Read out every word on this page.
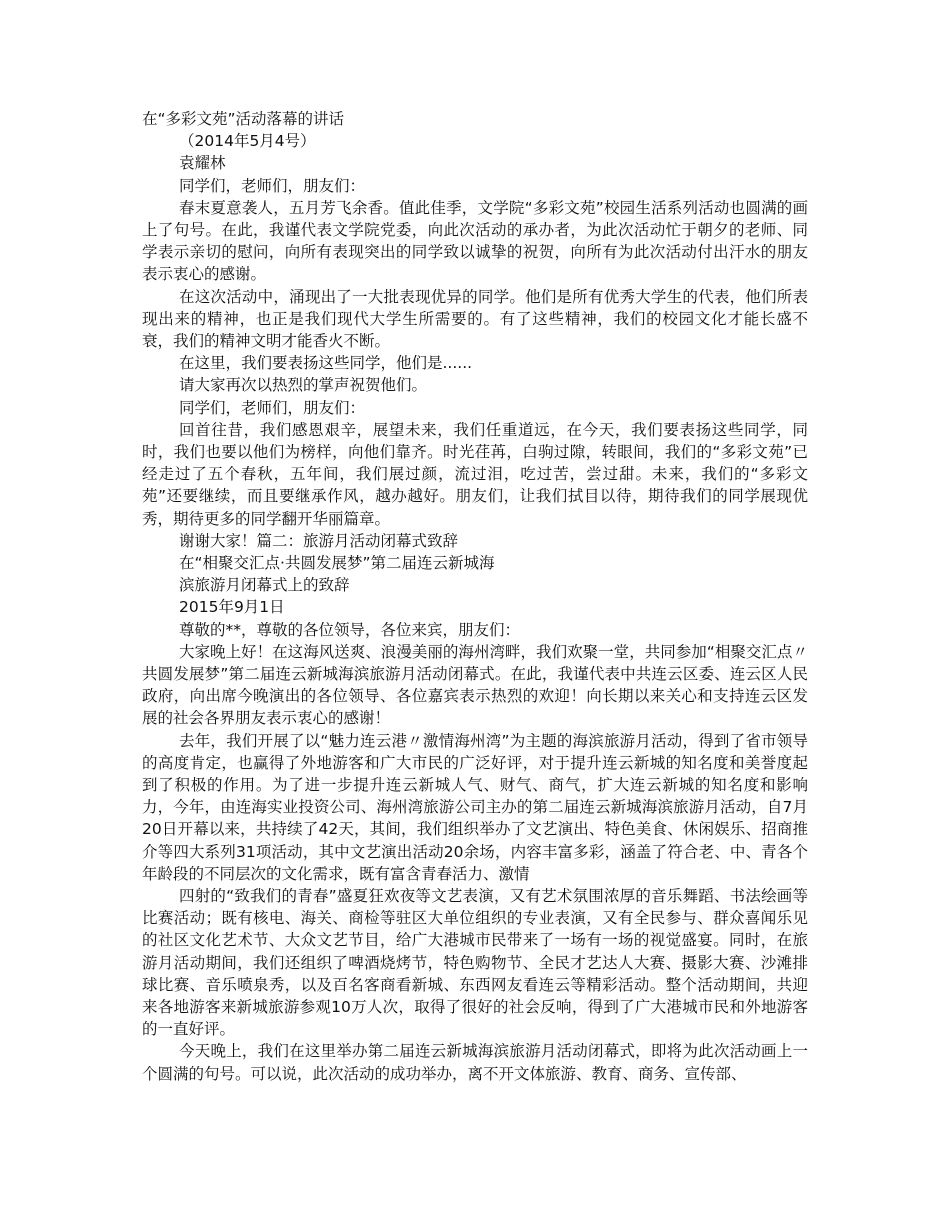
在“多彩文苑”活动落幕的讲话
（2014年5月4号）
袁耀林
同学们，老师们，朋友们：

春末夏意袭人，五月芳飞余香。值此佳季，文学院“多彩文苑”校园生活系列活动也圆满的画上了句号。在此，我谨代表文学院党委，向此次活动的承办者，为此次活动忙于朝夕的老师、同学表示亲切的慰问，向所有表现突出的同学致以诚挚的祝贺，向所有为此次活动付出汗水的朋友表示衷心的感谢。

在这次活动中，涌现出了一大批表现优异的同学。他们是所有优秀大学生的代表，他们所表现出来的精神，也正是我们现代大学生所需要的。有了这些精神，我们的校园文化才能长盛不衰，我们的精神文明才能香火不断。

在这里，我们要表扬这些同学，他们是......
请大家再次以热烈的掌声祝贺他们。
同学们，老师们，朋友们：

回首往昔，我们感恩艰辛，展望未来，我们任重道远，在今天，我们要表扬这些同学，同时，我们也要以他们为榜样，向他们靠齐。时光荏苒，白驹过隙，转眼间，我们的“多彩文苑”已经走过了五个春秋，五年间，我们展过颜，流过泪，吃过苦，尝过甜。未来，我们的“多彩文苑”还要继续，而且要继承作风，越办越好。朋友们，让我们拭目以待，期待我们的同学展现优秀，期待更多的同学翻开华丽篇章。

谢谢大家！篇二：旅游月活动闭幕式致辞
在“相聚交汇点·共圆发展梦”第二届连云新城海
滨旅游月闭幕式上的致辞
2015年9月1日
尊敬的**，尊敬的各位领导，各位来宾，朋友们：

大家晚上好！在这海风送爽、浪漫美丽的海州湾畔，我们欢聚一堂，共同参加“相聚交汇点〃共圆发展梦”第二届连云新城海滨旅游月活动闭幕式。在此，我谨代表中共连云区委、连云区人民政府，向出席今晚演出的各位领导、各位嘉宾表示热烈的欢迎！向长期以来关心和支持连云区发展的社会各界朋友表示衷心的感谢！

去年，我们开展了以“魅力连云港〃激情海州湾”为主题的海滨旅游月活动，得到了省市领导的高度肯定，也赢得了外地游客和广大市民的广泛好评，对于提升连云新城的知名度和美誉度起到了积极的作用。为了进一步提升连云新城人气、财气、商气，扩大连云新城的知名度和影响力，今年，由连海实业投资公司、海州湾旅游公司主办的第二届连云新城海滨旅游月活动，自7月20日开幕以来，共持续了42天，其间，我们组织举办了文艺演出、特色美食、休闲娱乐、招商推介等四大系列31项活动，其中文艺演出活动20余场，内容丰富多彩，涵盖了符合老、中、青各个年龄段的不同层次的文化需求，既有富含青春活力、激情

四射的“致我们的青春”盛夏狂欢夜等文艺表演，又有艺术氛围浓厚的音乐舞蹈、书法绘画等比赛活动；既有核电、海关、商检等驻区大单位组织的专业表演，又有全民参与、群众喜闻乐见的社区文化艺术节、大众文艺节目，给广大港城市民带来了一场有一场的视觉盛宴。同时，在旅游月活动期间，我们还组织了啤酒烧烤节，特色购物节、全民才艺达人大赛、摄影大赛、沙滩排球比赛、音乐喷泉秀，以及百名客商看新城、东西网友看连云等精彩活动。整个活动期间，共迎来各地游客来新城旅游参观10万人次，取得了很好的社会反响，得到了广大港城市民和外地游客的一直好评。

今天晚上，我们在这里举办第二届连云新城海滨旅游月活动闭幕式，即将为此次活动画上一个圆满的句号。可以说，此次活动的成功举办，离不开文体旅游、教育、商务、宣传部、
